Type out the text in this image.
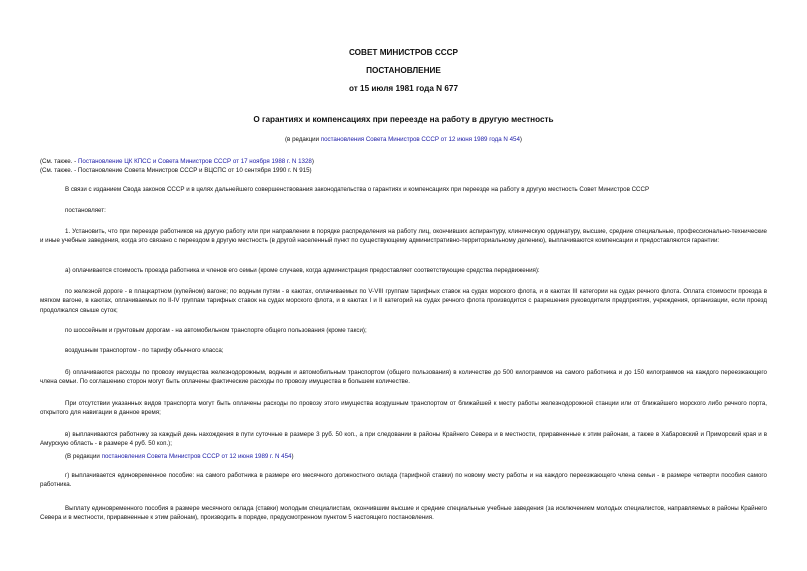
СОВЕТ МИНИСТРОВ СССР
ПОСТАНОВЛЕНИЕ
от 15 июля 1981 года N 677
О гарантиях и компенсациях при переезде на работу в другую местность
(в редакции постановления Совета Министров СССР от 12 июня 1989 года N 454)
(См. также. - Постановление ЦК КПСС и Совета Министров СССР от 17 ноября 1988 г. N 1328)
(См. также. - Постановление Совета Министров СССР и ВЦСПС от 10 сентября 1990 г. N 915)

В связи с изданием Свода законов СССР и в целях дальнейшего совершенствования законодательства о гарантиях и компенсациях при переезде на работу в другую местность Совет Министров СССР

постановляет:

1. Установить, что при переезде работников на другую работу или при направлении в порядке распределения на работу лиц, окончивших аспирантуру, клиническую ординатуру, высшие, средние специальные, профессионально-технические и иные учебные заведения, когда это связано с переездом в другую местность (в другой населенный пункт по существующему административно-территориальному делению), выплачиваются компенсации и предоставляются гарантии:

а) оплачивается стоимость проезда работника и членов его семьи (кроме случаев, когда администрация предоставляет соответствующие средства передвижения):

по железной дороге - в плацкартном (купейном) вагоне; по водным путям - в каютах, оплачиваемых по V-VIII группам тарифных ставок на судах морского флота, и в каютах III категории на судах речного флота. Оплата стоимости проезда в мягком вагоне, в каютах, оплачиваемых по II-IV группам тарифных ставок на судах морского флота, и в каютах I и II категорий на судах речного флота производится с разрешения руководителя предприятия, учреждения, организации, если проезд продолжался свыше суток;

по шоссейным и грунтовым дорогам - на автомобильном транспорте общего пользования (кроме такси);

воздушным транспортом - по тарифу обычного класса;

б) оплачиваются расходы по провозу имущества железнодорожным, водным и автомобильным транспортом (общего пользования) в количестве до 500 килограммов на самого работника и до 150 килограммов на каждого переезжающего члена семьи. По соглашению сторон могут быть оплачены фактические расходы по провозу имущества в большем количестве.

При отсутствии указанных видов транспорта могут быть оплачены расходы по провозу этого имущества воздушным транспортом от ближайшей к месту работы железнодорожной станции или от ближайшего морского либо речного порта, открытого для навигации в данное время;

в) выплачиваются работнику за каждый день нахождения в пути суточные в размере 3 руб. 50 коп., а при следовании в районы Крайнего Севера и в местности, приравненные к этим районам, а также в Хабаровский и Приморский края и в Амурскую область - в размере 4 руб. 50 коп.);

(В редакции постановления Совета Министров СССР от 12 июня 1989 г. N 454)

г) выплачивается единовременное пособие: на самого работника в размере его месячного должностного оклада (тарифной ставки) по новому месту работы и на каждого переезжающего члена семьи - в размере четверти пособия самого работника.

Выплату единовременного пособия в размере месячного оклада (ставки) молодым специалистам, окончившим высшие и средние специальные учебные заведения (за исключением молодых специалистов, направляемых в районы Крайнего Севера и в местности, приравненные к этим районам), производить в порядке, предусмотренном пунктом 5 настоящего постановления.
